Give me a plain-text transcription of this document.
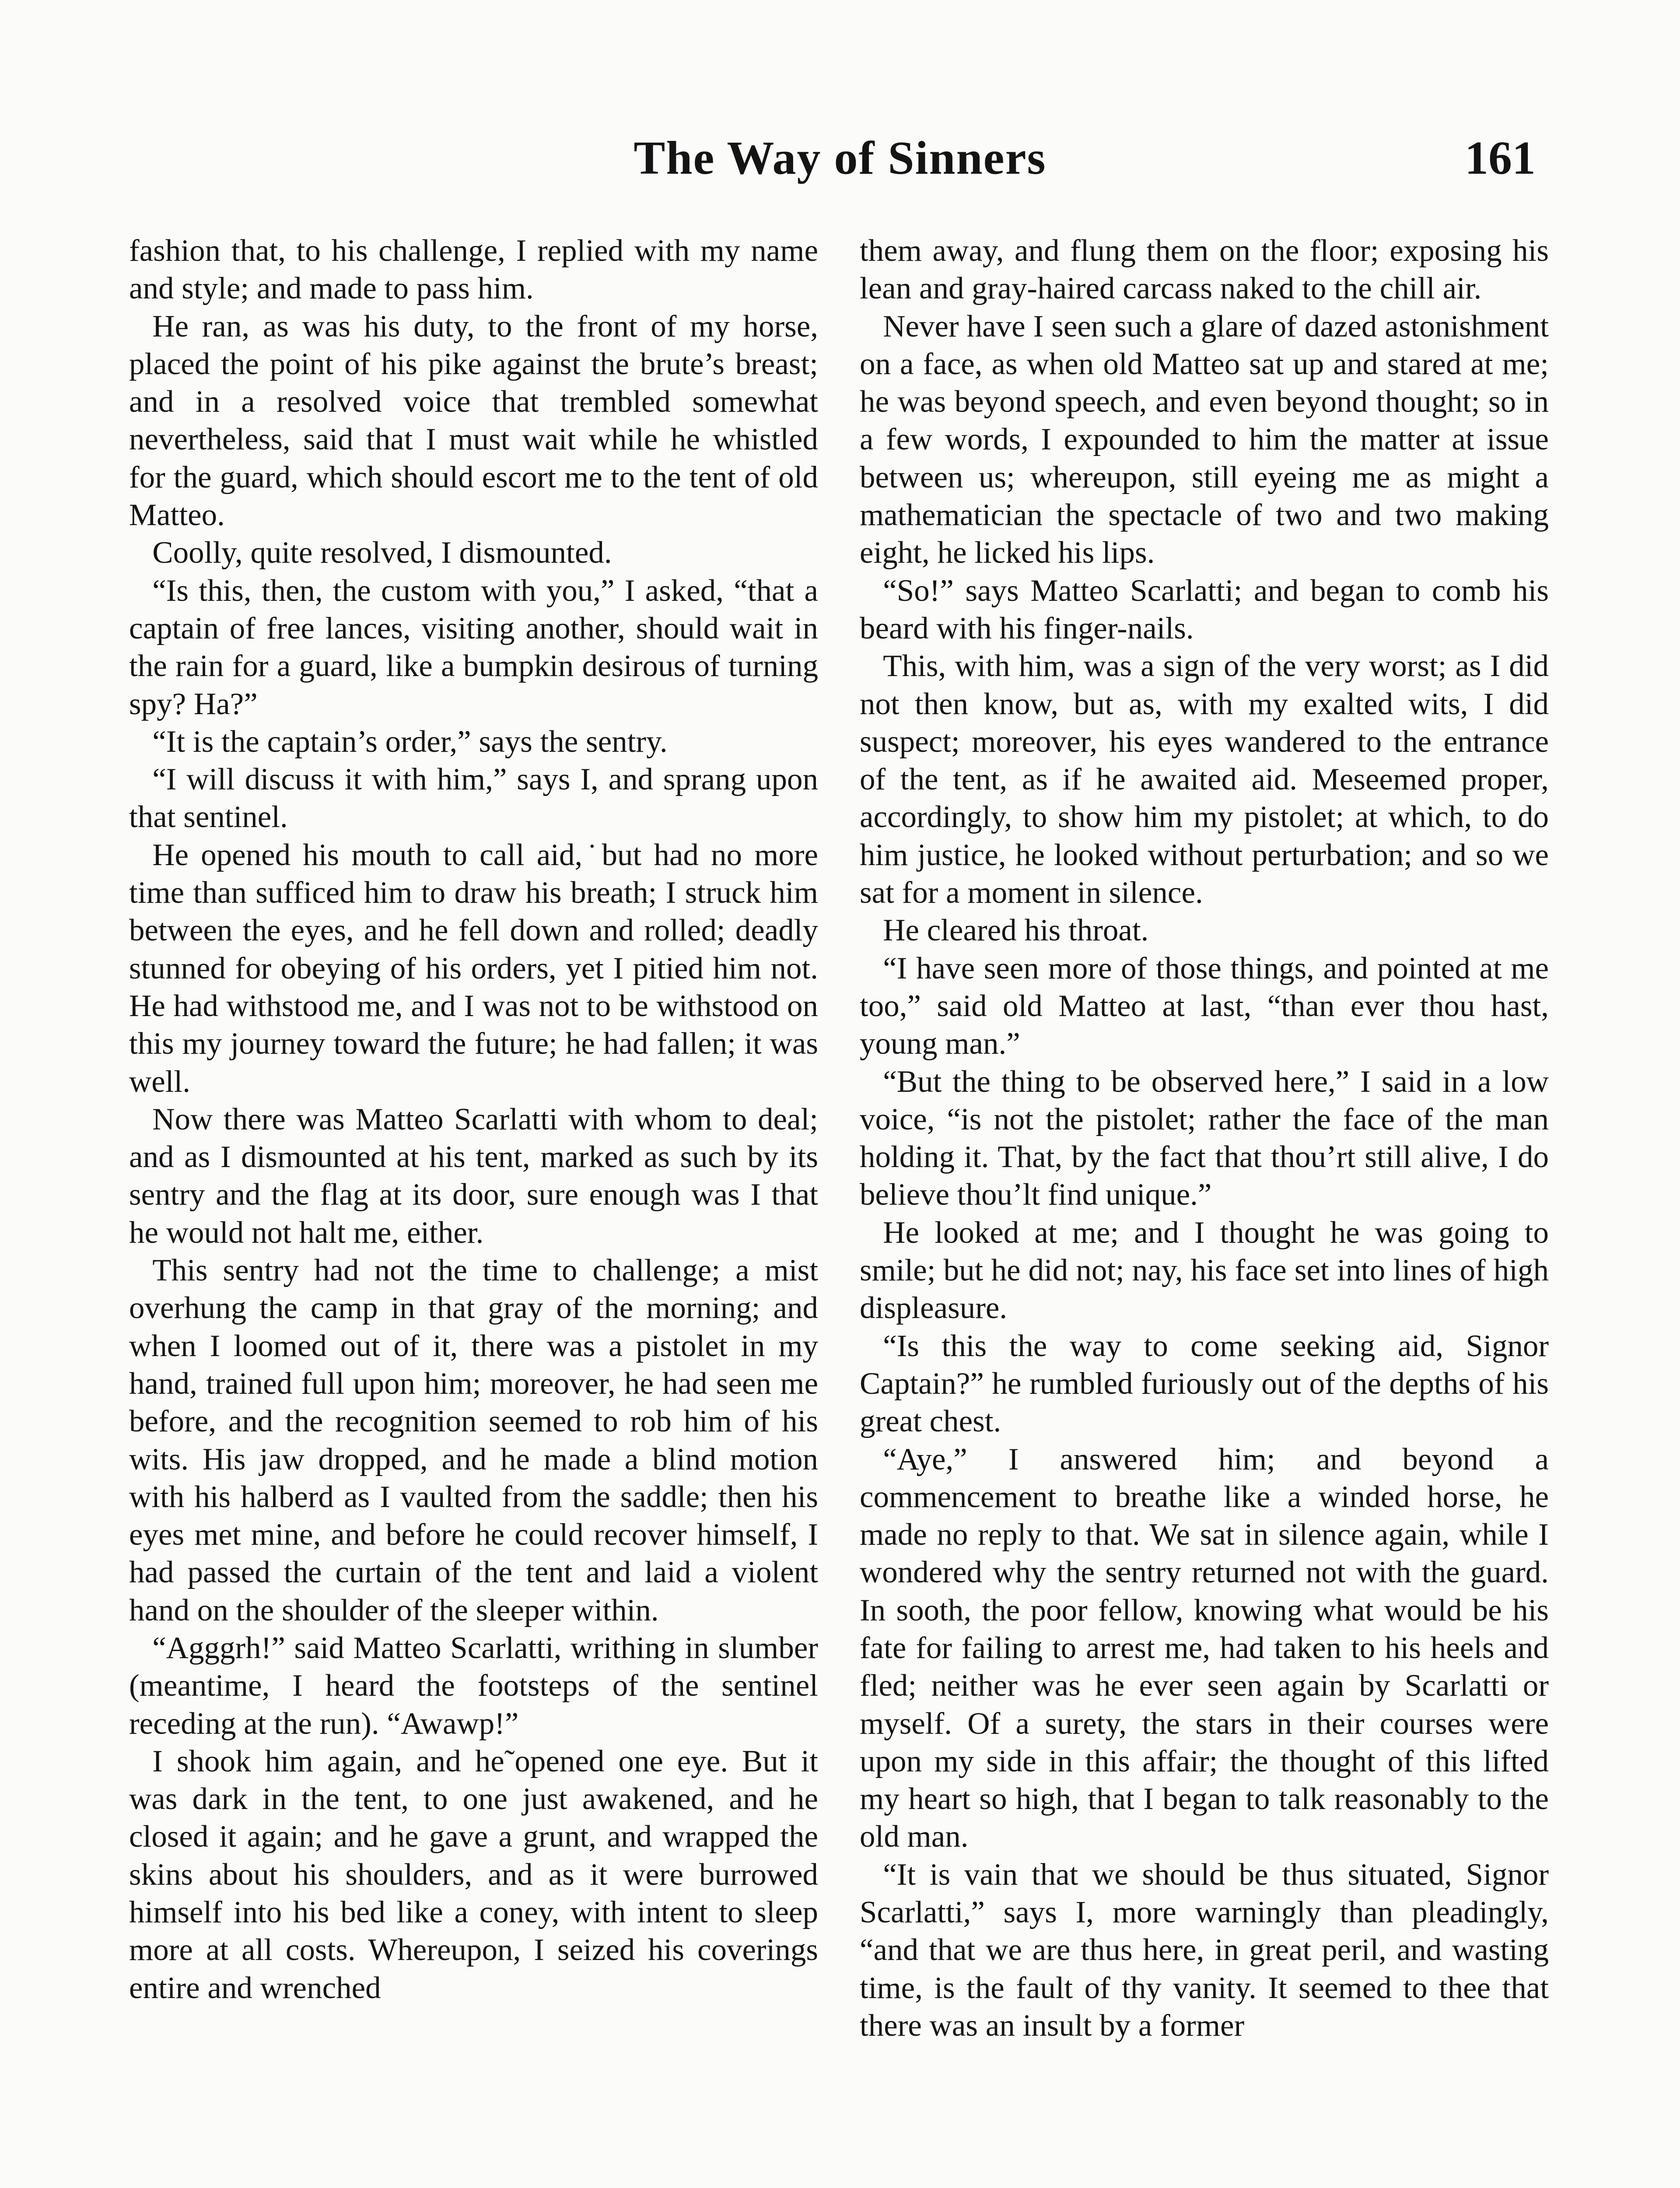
The Way of Sinners	161

fashion that, to his challenge, I replied with my name and style; and made to pass him.

He ran, as was his duty, to the front of my horse, placed the point of his pike against the brute’s breast; and in a resolved voice that trembled somewhat nevertheless, said that I must wait while he whistled for the guard, which should escort me to the tent of old Matteo.

Coolly, quite resolved, I dismounted.

“Is this, then, the custom with you,” I asked, “that a captain of free lances, visiting another, should wait in the rain for a guard, like a bumpkin desirous of turning spy? Ha?”

“It is the captain’s order,” says the sentry.

“I will discuss it with him,” says I, and sprang upon that sentinel.

He opened his mouth to call aid,˙but had no more time than sufficed him to draw his breath; I struck him between the eyes, and he fell down and rolled; deadly stunned for obeying of his orders, yet I pitied him not. He had withstood me, and I was not to be withstood on this my journey toward the future; he had fallen; it was well.

Now there was Matteo Scarlatti with whom to deal; and as I dismounted at his tent, marked as such by its sentry and the flag at its door, sure enough was I that he would not halt me, either.

This sentry had not the time to challenge; a mist overhung the camp in that gray of the morning; and when I loomed out of it, there was a pistolet in my hand, trained full upon him; moreover, he had seen me before, and the recognition seemed to rob him of his wits. His jaw dropped, and he made a blind motion with his halberd as I vaulted from the saddle; then his eyes met mine, and before he could recover himself, I had passed the curtain of the tent and laid a violent hand on the shoulder of the sleeper within.

“Agggrh!” said Matteo Scarlatti, writhing in slumber (meantime, I heard the footsteps of the sentinel receding at the run). “Awawp!”

I shook him again, and he˜opened one eye. But it was dark in the tent, to one just awakened, and he closed it again; and he gave a grunt, and wrapped the skins about his shoulders, and as it were burrowed himself into his bed like a coney, with intent to sleep more at all costs. Whereupon, I seized his coverings entire and wrenched

them away, and flung them on the floor; exposing his lean and gray-haired carcass naked to the chill air.

Never have I seen such a glare of dazed astonishment on a face, as when old Matteo sat up and stared at me; he was beyond speech, and even beyond thought; so in a few words, I expounded to him the matter at issue between us; whereupon, still eyeing me as might a mathematician the spectacle of two and two making eight, he licked his lips.

“So!” says Matteo Scarlatti; and began to comb his beard with his finger-nails.

This, with him, was a sign of the very worst; as I did not then know, but as, with my exalted wits, I did suspect; moreover, his eyes wandered to the entrance of the tent, as if he awaited aid. Meseemed proper, accordingly, to show him my pistolet; at which, to do him justice, he looked without perturbation; and so we sat for a moment in silence.

He cleared his throat.

“I have seen more of those things, and pointed at me too,” said old Matteo at last, “than ever thou hast, young man.”

“But the thing to be observed here,” I said in a low voice, “is not the pistolet; rather the face of the man holding it. That, by the fact that thou’rt still alive, I do believe thou’lt find unique.”

He looked at me; and I thought he was going to smile; but he did not; nay, his face set into lines of high displeasure.

“Is this the way to come seeking aid, Signor Captain?” he rumbled furiously out of the depths of his great chest.

“Aye,” I answered him; and beyond a commencement to breathe like a winded horse, he made no reply to that. We sat in silence again, while I wondered why the sentry returned not with the guard. In sooth, the poor fellow, knowing what would be his fate for failing to arrest me, had taken to his heels and fled; neither was he ever seen again by Scarlatti or myself. Of a surety, the stars in their courses were upon my side in this affair; the thought of this lifted my heart so high, that I began to talk reasonably to the old man.

“It is vain that we should be thus situated, Signor Scarlatti,” says I, more warningly than pleadingly, “and that we are thus here, in great peril, and wasting time, is the fault of thy vanity. It seemed to thee that there was an insult by a former
